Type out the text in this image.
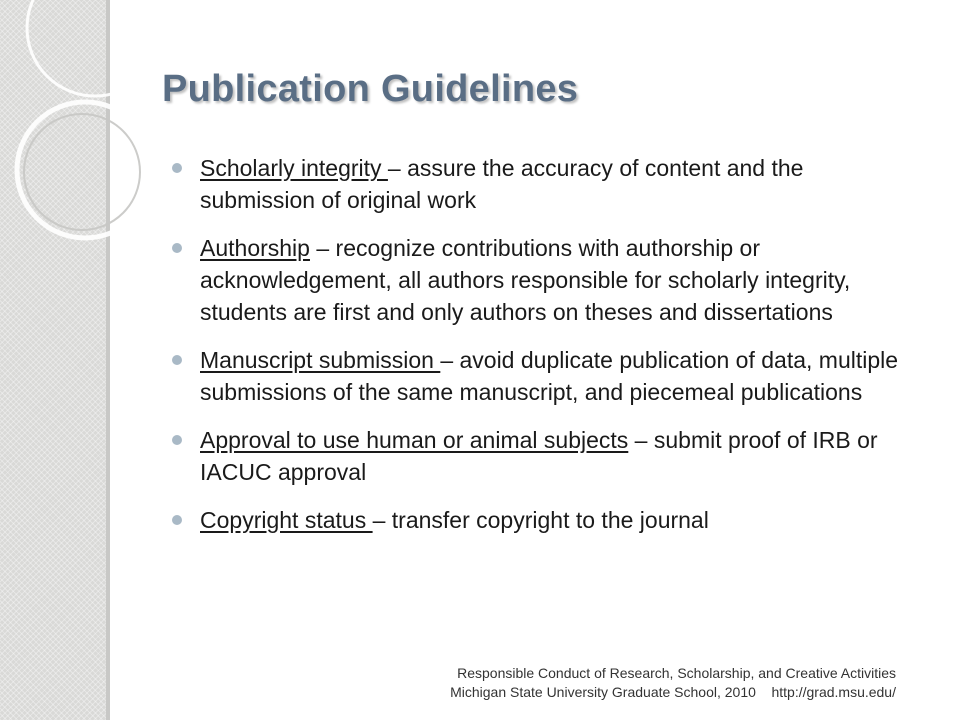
Publication Guidelines
Scholarly integrity – assure the accuracy of content and the submission of original work
Authorship – recognize contributions with authorship or acknowledgement, all authors responsible for scholarly integrity, students are first and only authors on theses and dissertations
Manuscript submission – avoid duplicate publication of data, multiple submissions of the same manuscript, and piecemeal publications
Approval to use human or animal subjects – submit proof of IRB or IACUC approval
Copyright status – transfer copyright to the journal
Responsible Conduct of Research, Scholarship, and Creative Activities
Michigan State University Graduate School, 2010    http://grad.msu.edu/
